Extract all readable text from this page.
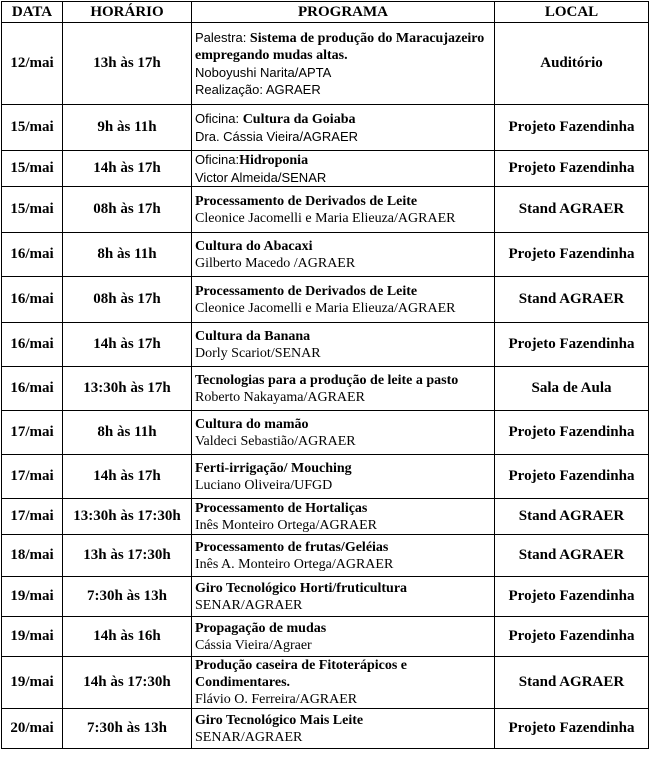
DATA	HORÁRIO	PROGRAMA	LOCAL
12/mai	13h às 17h	Palestra: Sistema de produção do Maracujazeiro empregando mudas altas.
Noboyushi Narita/APTA
Realização: AGRAER	Auditório
15/mai	9h às 11h	Oficina: Cultura da Goiaba
Dra. Cássia Vieira/AGRAER	Projeto Fazendinha
15/mai	14h às 17h	Oficina:Hidroponia
Victor Almeida/SENAR	Projeto Fazendinha
15/mai	08h às 17h	Processamento de Derivados de Leite
Cleonice Jacomelli e Maria Elieuza/AGRAER	Stand AGRAER
16/mai	8h às 11h	Cultura do Abacaxi
Gilberto Macedo /AGRAER	Projeto Fazendinha
16/mai	08h às 17h	Processamento de Derivados de Leite
Cleonice Jacomelli e Maria Elieuza/AGRAER	Stand AGRAER
16/mai	14h às 17h	Cultura da Banana
Dorly Scariot/SENAR	Projeto Fazendinha
16/mai	13:30h às 17h	Tecnologias para a produção de leite a pasto
Roberto Nakayama/AGRAER	Sala de Aula
17/mai	8h às 11h	Cultura do mamão
Valdeci Sebastião/AGRAER	Projeto Fazendinha
17/mai	14h às 17h	Ferti-irrigação/ Mouching
Luciano Oliveira/UFGD	Projeto Fazendinha
17/mai	13:30h às 17:30h	Processamento de Hortaliças
Inês Monteiro Ortega/AGRAER	Stand AGRAER
18/mai	13h às 17:30h	Processamento de frutas/Geléias
Inês A. Monteiro Ortega/AGRAER	Stand AGRAER
19/mai	7:30h às 13h	Giro Tecnológico Horti/fruticultura
SENAR/AGRAER	Projeto Fazendinha
19/mai	14h às 16h	Propagação de mudas
Cássia Vieira/Agraer	Projeto Fazendinha
19/mai	14h às 17:30h	Produção caseira de Fitoterápicos e Condimentares.
Flávio O. Ferreira/AGRAER	Stand AGRAER
20/mai	7:30h às 13h	Giro Tecnológico Mais Leite
SENAR/AGRAER	Projeto Fazendinha
